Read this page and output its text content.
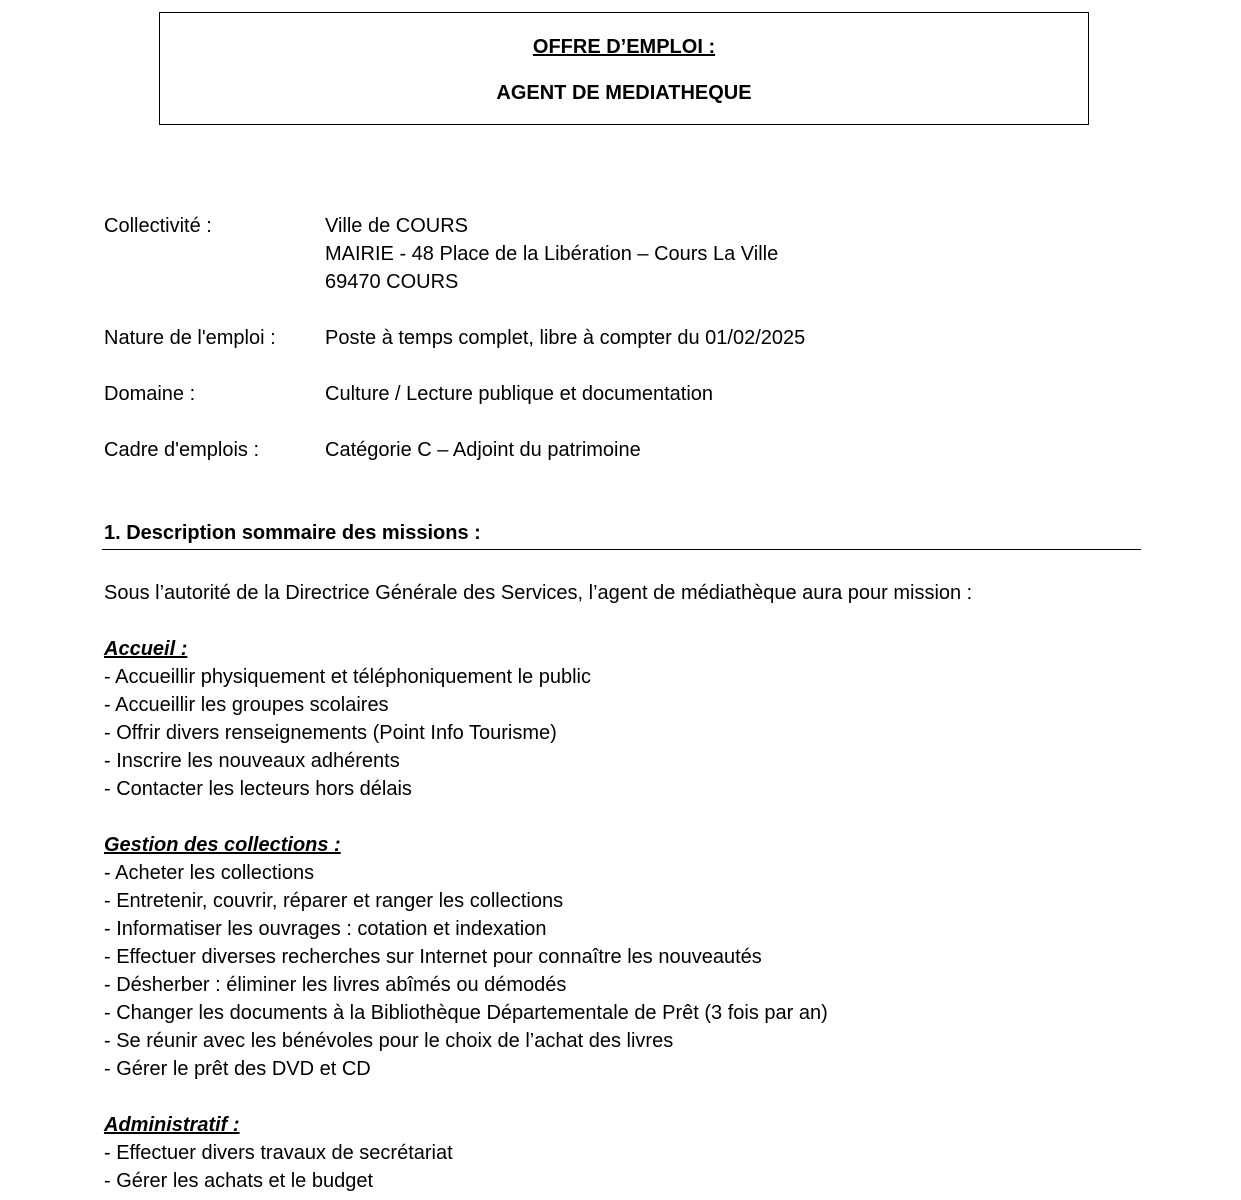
OFFRE D’EMPLOI :
AGENT DE MEDIATHEQUE
Collectivité :	Ville de COURS
MAIRIE - 48 Place de la Libération – Cours La Ville
69470 COURS
Nature de l'emploi : Poste à temps complet, libre à compter du 01/02/2025
Domaine :	Culture / Lecture publique et documentation
Cadre d'emplois :	Catégorie C – Adjoint du patrimoine
1. Description sommaire des missions :
Sous l’autorité de la Directrice Générale des Services, l’agent de médiathèque aura pour mission :
Accueil :
- Accueillir physiquement et téléphoniquement le public
- Accueillir les groupes scolaires
- Offrir divers renseignements (Point Info Tourisme)
- Inscrire les nouveaux adhérents
- Contacter les lecteurs hors délais
Gestion des collections :
- Acheter les collections
- Entretenir, couvrir, réparer et ranger les collections
- Informatiser les ouvrages : cotation et indexation
- Effectuer diverses recherches sur Internet pour connaître les nouveautés
- Désherber : éliminer les livres abîmés ou démodés
- Changer les documents à la Bibliothèque Départementale de Prêt (3 fois par an)
- Se réunir avec les bénévoles pour le choix de l’achat des livres
- Gérer le prêt des DVD et CD
Administratif :
- Effectuer divers travaux de secrétariat
- Gérer les achats et le budget
